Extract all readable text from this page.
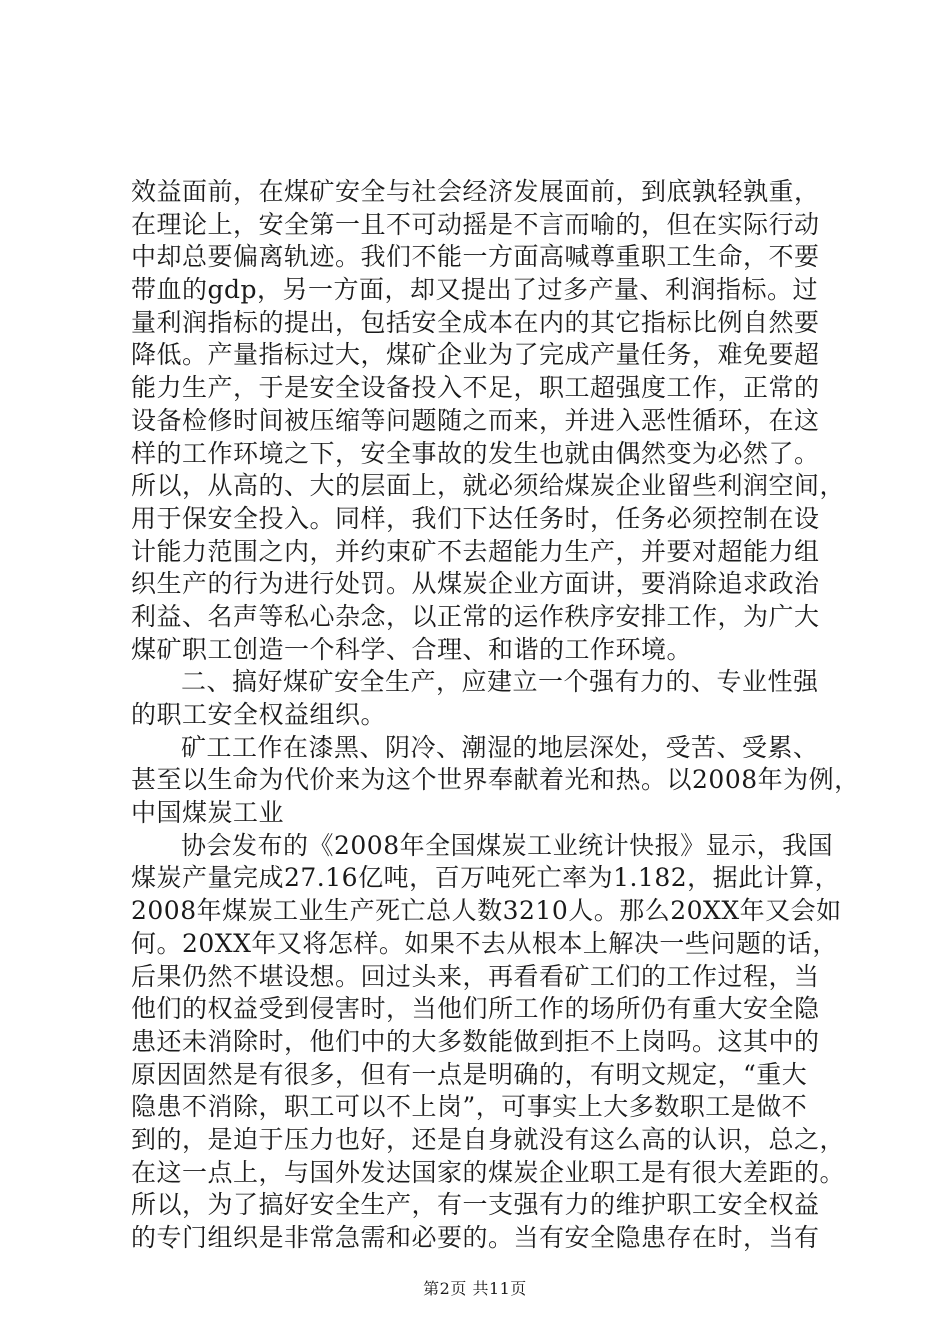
效益面前，在煤矿安全与社会经济发展面前，到底孰轻孰重，
在理论上，安全第一且不可动摇是不言而喻的，但在实际行动
中却总要偏离轨迹。我们不能一方面高喊尊重职工生命，不要
带血的gdp，另一方面，却又提出了过多产量、利润指标。过
量利润指标的提出，包括安全成本在内的其它指标比例自然要
降低。产量指标过大，煤矿企业为了完成产量任务，难免要超
能力生产，于是安全设备投入不足，职工超强度工作，正常的
设备检修时间被压缩等问题随之而来，并进入恶性循环，在这
样的工作环境之下，安全事故的发生也就由偶然变为必然了。
所以，从高的、大的层面上，就必须给煤炭企业留些利润空间，
用于保安全投入。同样，我们下达任务时，任务必须控制在设
计能力范围之内，并约束矿不去超能力生产，并要对超能力组
织生产的行为进行处罚。从煤炭企业方面讲，要消除追求政治
利益、名声等私心杂念，以正常的运作秩序安排工作，为广大
煤矿职工创造一个科学、合理、和谐的工作环境。
二、搞好煤矿安全生产，应建立一个强有力的、专业性强
的职工安全权益组织。
矿工工作在漆黑、阴冷、潮湿的地层深处，受苦、受累、
甚至以生命为代价来为这个世界奉献着光和热。以2008年为例，
中国煤炭工业
协会发布的《2008年全国煤炭工业统计快报》显示，我国
煤炭产量完成27.16亿吨，百万吨死亡率为1.182，据此计算，
2008年煤炭工业生产死亡总人数3210人。那么20XX年又会如
何。20XX年又将怎样。如果不去从根本上解决一些问题的话，
后果仍然不堪设想。回过头来，再看看矿工们的工作过程，当
他们的权益受到侵害时，当他们所工作的场所仍有重大安全隐
患还未消除时，他们中的大多数能做到拒不上岗吗。这其中的
原因固然是有很多，但有一点是明确的，有明文规定，“重大
隐患不消除，职工可以不上岗”，可事实上大多数职工是做不
到的，是迫于压力也好，还是自身就没有这么高的认识，总之，
在这一点上，与国外发达国家的煤炭企业职工是有很大差距的。
所以，为了搞好安全生产，有一支强有力的维护职工安全权益
的专门组织是非常急需和必要的。当有安全隐患存在时，当有
第2页 共11页
